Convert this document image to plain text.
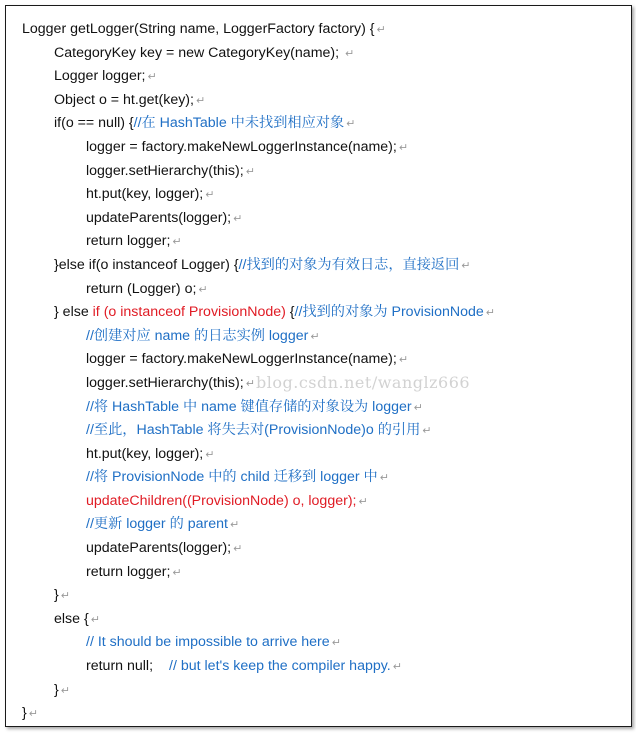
Logger getLogger(String name, LoggerFactory factory) { ↵
CategoryKey key = new CategoryKey(name); ↵
Logger logger; ↵
Object o = ht.get(key); ↵
if(o == null) {//在 HashTable 中未找到相应对象 ↵
logger = factory.makeNewLoggerInstance(name); ↵
logger.setHierarchy(this); ↵
ht.put(key, logger); ↵
updateParents(logger); ↵
return logger; ↵
}else if(o instanceof Logger) {//找到的对象为有效日志，直接返回 ↵
return (Logger) o; ↵
} else if (o instanceof ProvisionNode) {//找到的对象为 ProvisionNode ↵
//创建对应 name 的日志实例 logger ↵
logger = factory.makeNewLoggerInstance(name); ↵
logger.setHierarchy(this); ↵
//将 HashTable 中 name 键值存储的对象设为 logger ↵
//至此，HashTable 将失去对(ProvisionNode)o 的引用 ↵
ht.put(key, logger); ↵
//将 ProvisionNode 中的 child 迁移到 logger 中 ↵
updateChildren((ProvisionNode) o, logger); ↵
//更新 logger 的 parent ↵
updateParents(logger); ↵
return logger; ↵
} ↵
else { ↵
// It should be impossible to arrive here ↵
return null; // but let's keep the compiler happy. ↵
} ↵
} ↵
blog.csdn.net/wanglz666
